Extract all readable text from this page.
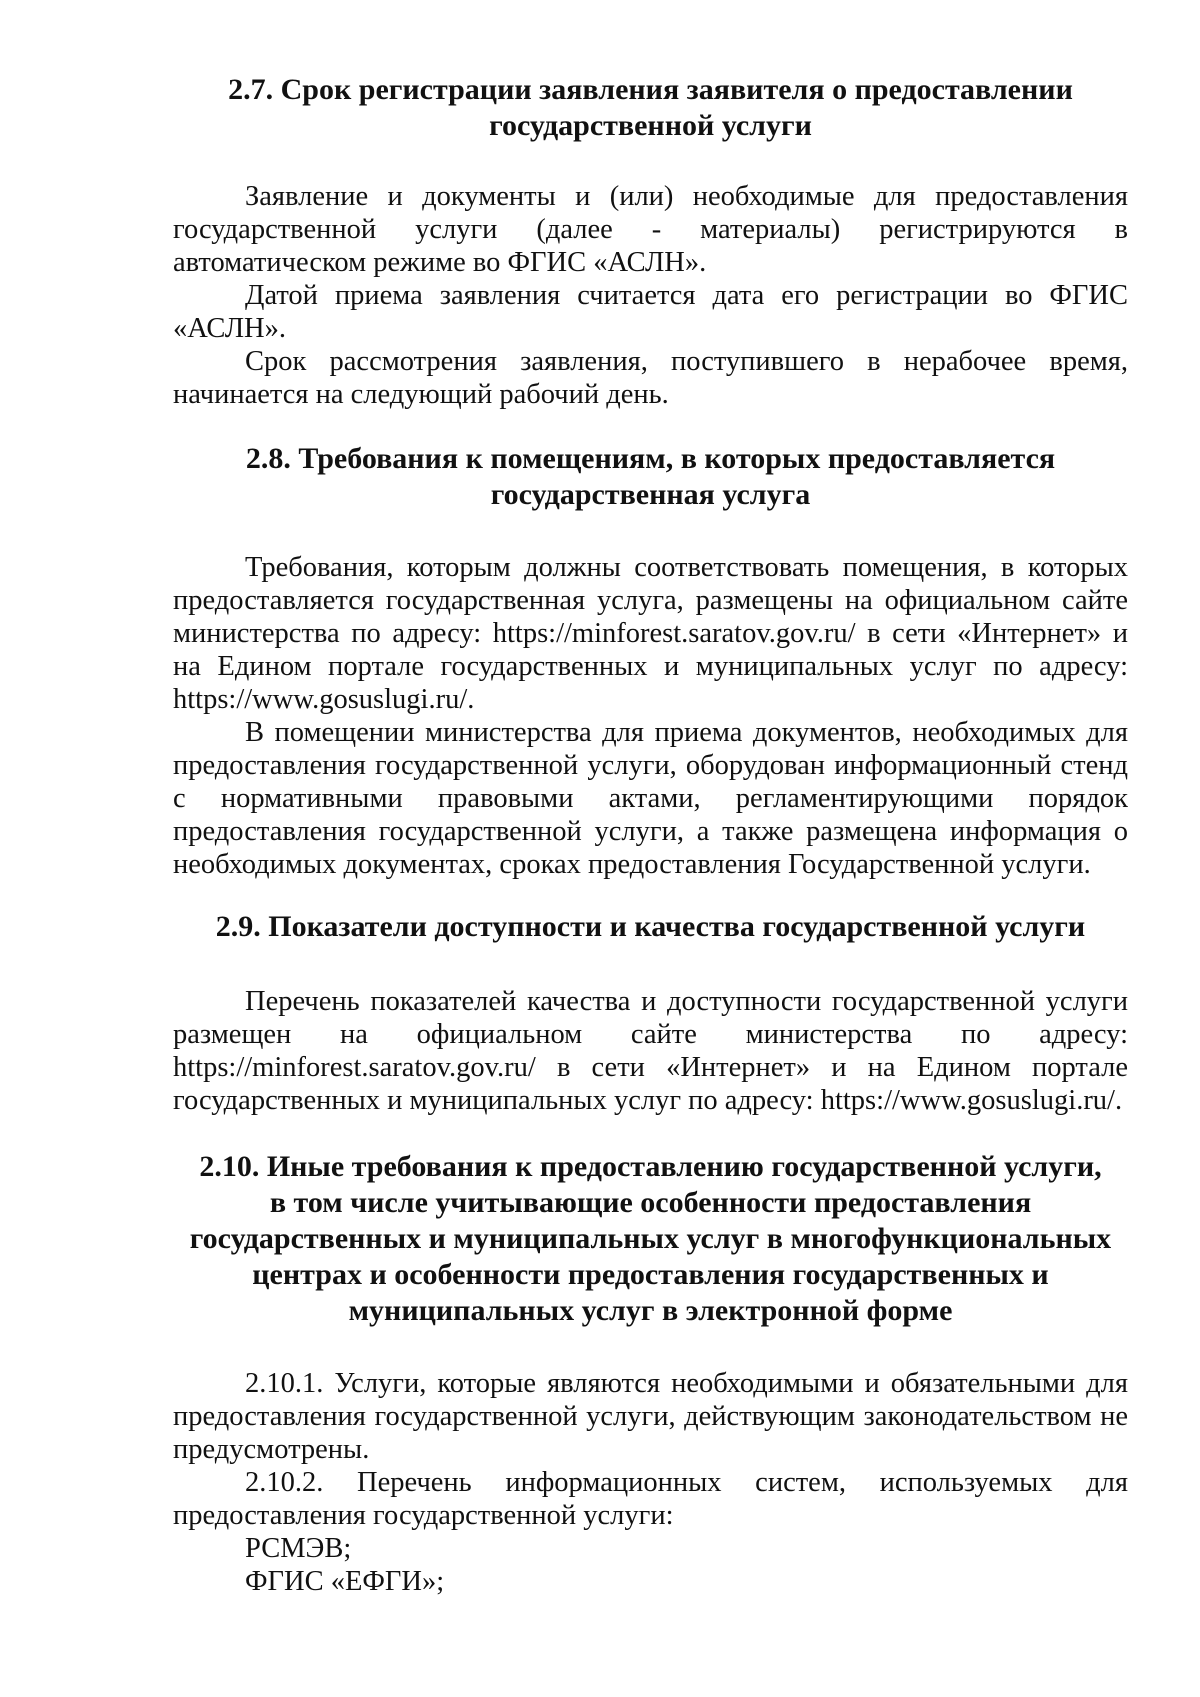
2.7. Срок регистрации заявления заявителя о предоставлении
государственной услуги

Заявление и документы и (или) необходимые для предоставления государственной услуги (далее - материалы) регистрируются в автоматическом режиме во ФГИС «АСЛН».

Датой приема заявления считается дата его регистрации во ФГИС «АСЛН».

Срок рассмотрения заявления, поступившего в нерабочее время, начинается на следующий рабочий день.

2.8. Требования к помещениям, в которых предоставляется
государственная услуга

Требования, которым должны соответствовать помещения, в которых предоставляется государственная услуга, размещены на официальном сайте министерства по адресу: https://minforest.saratov.gov.ru/ в сети «Интернет» и на Едином портале государственных и муниципальных услуг по адресу: https://www.gosuslugi.ru/.

В помещении министерства для приема документов, необходимых для предоставления государственной услуги, оборудован информационный стенд с нормативными правовыми актами, регламентирующими порядок предоставления государственной услуги, а также размещена информация о необходимых документах, сроках предоставления Государственной услуги.

2.9. Показатели доступности и качества государственной услуги

Перечень показателей качества и доступности государственной услуги размещен на официальном сайте министерства по адресу: https://minforest.saratov.gov.ru/ в сети «Интернет» и на Едином портале государственных и муниципальных услуг по адресу: https://www.gosuslugi.ru/.

2.10. Иные требования к предоставлению государственной услуги,
в том числе учитывающие особенности предоставления
государственных и муниципальных услуг в многофункциональных
центрах и особенности предоставления государственных и
муниципальных услуг в электронной форме

2.10.1. Услуги, которые являются необходимыми и обязательными для предоставления государственной услуги, действующим законодательством не предусмотрены.

2.10.2. Перечень информационных систем, используемых для предоставления государственной услуги:

РСМЭВ;

ФГИС «ЕФГИ»;
